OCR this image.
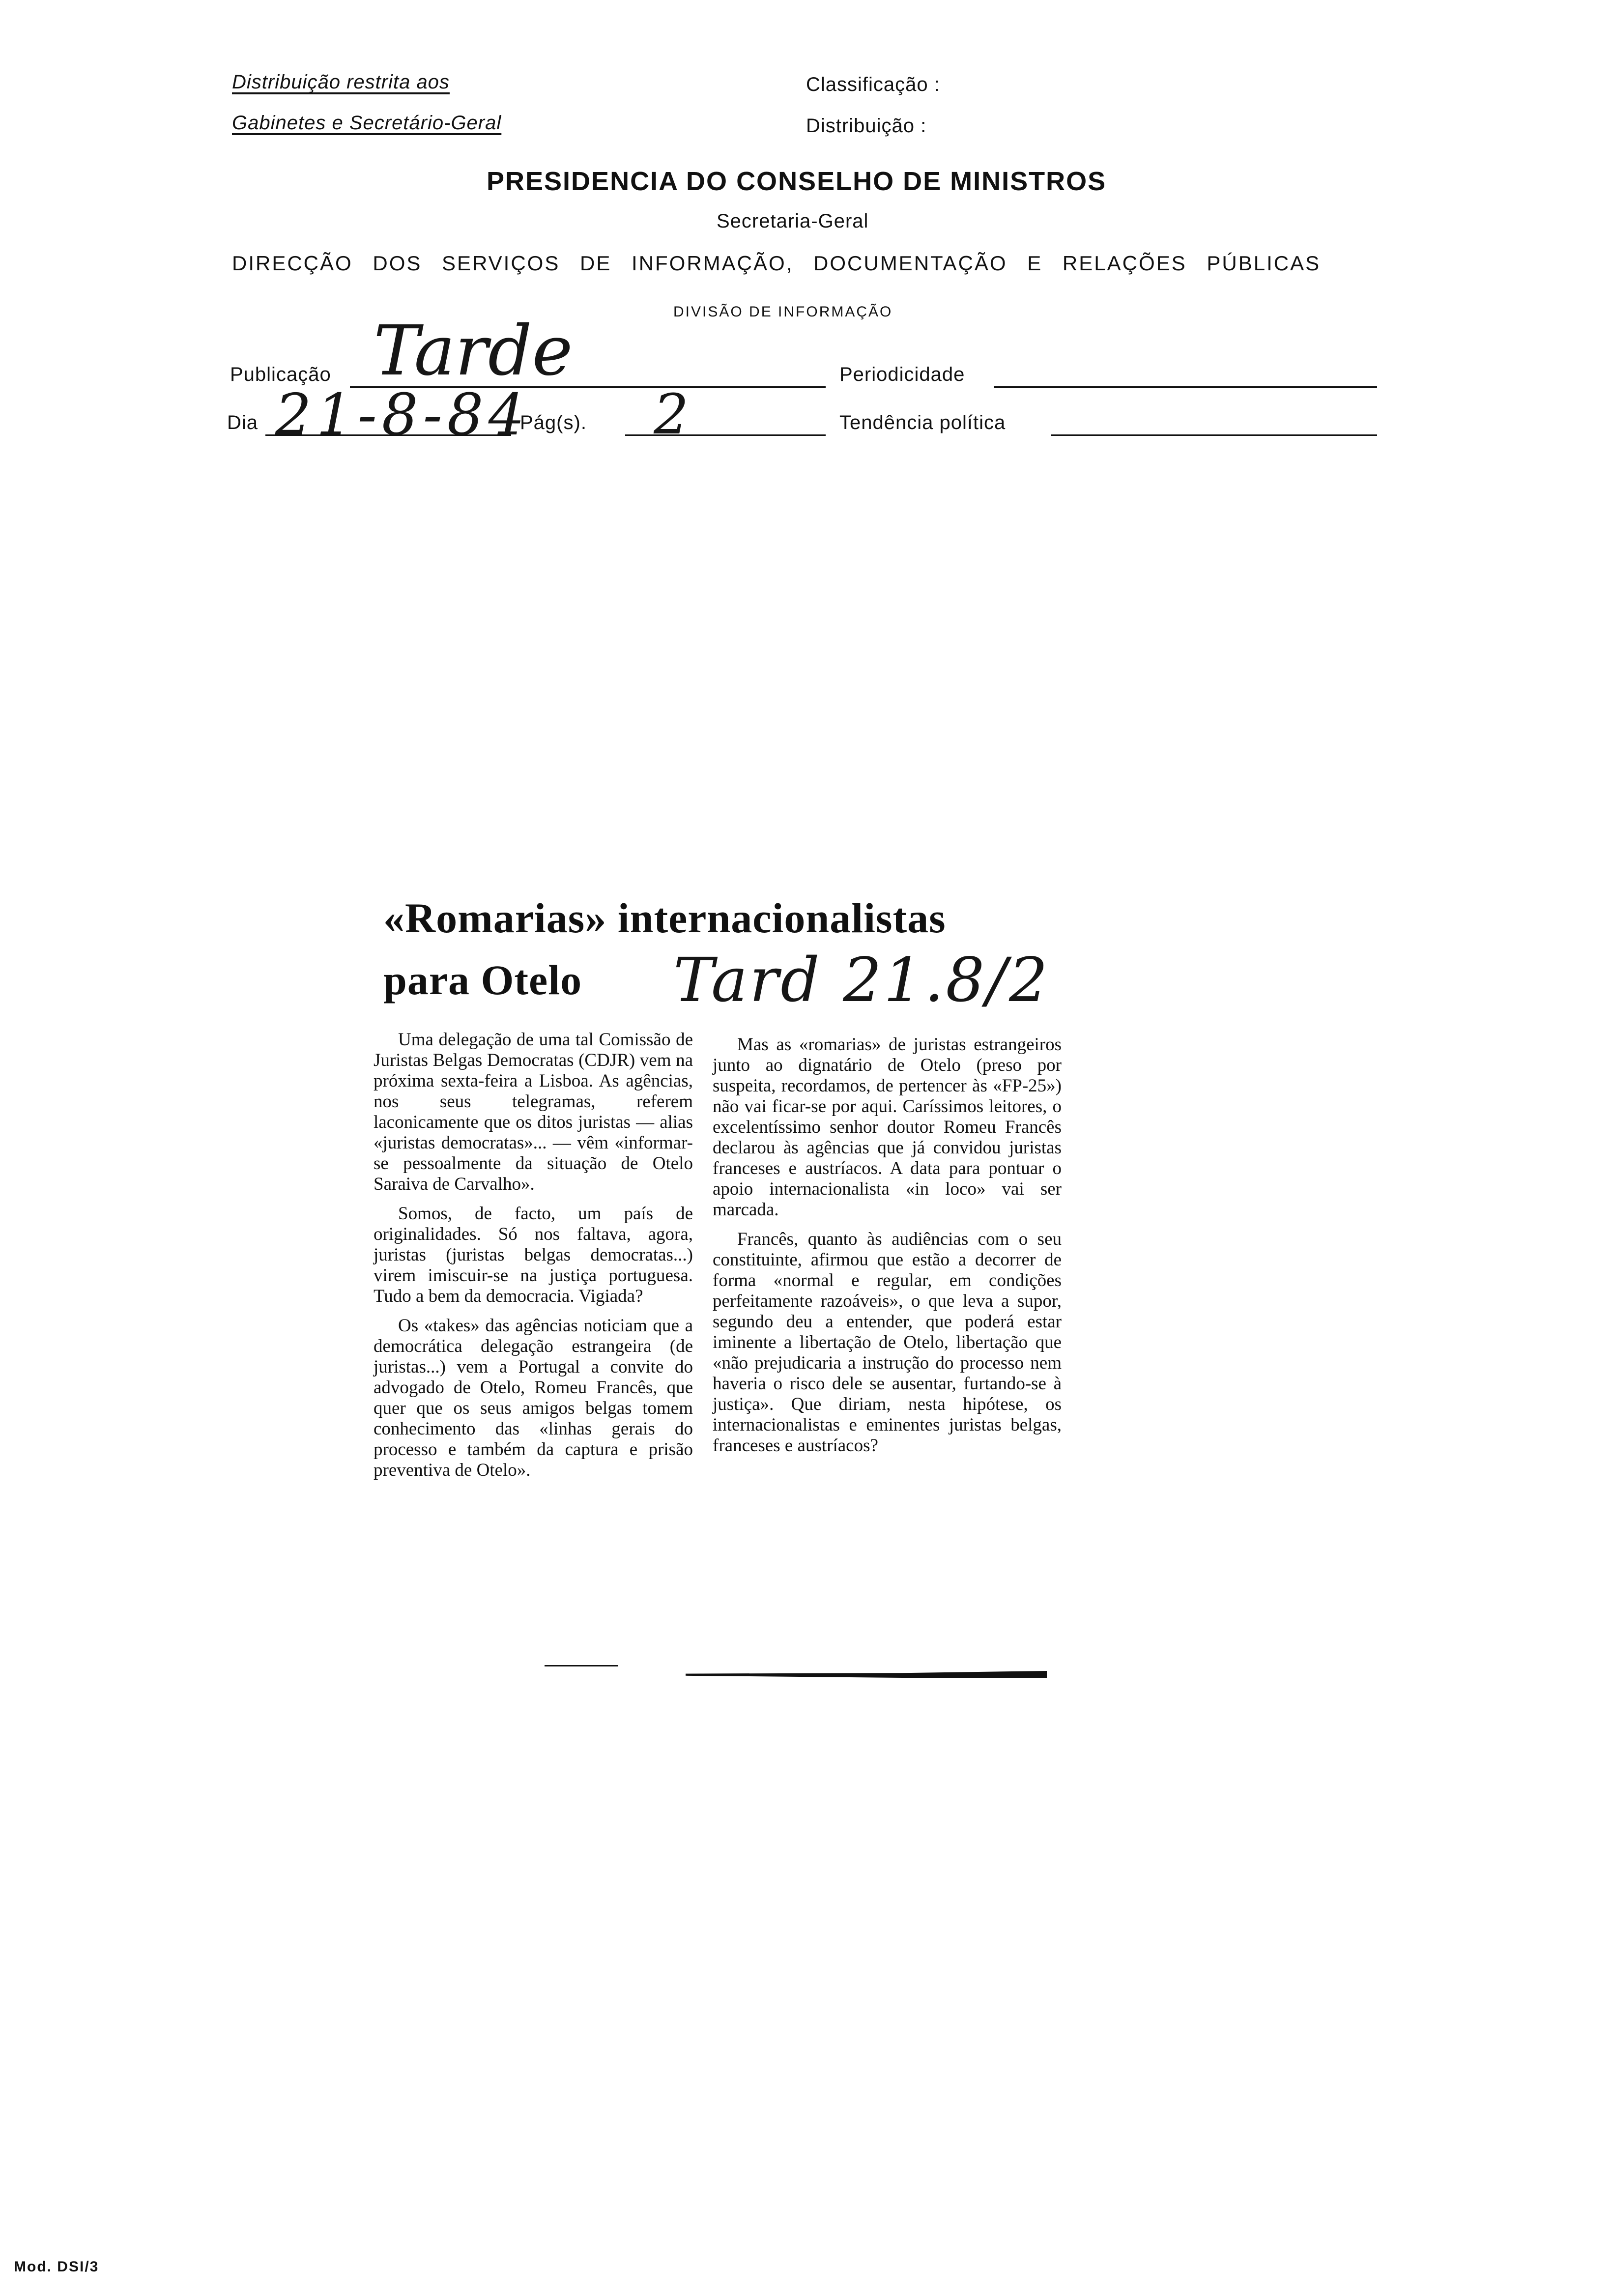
Distribuição restrita aos
Gabinetes e Secretário-Geral
Classificação :
Distribuição :
PRESIDENCIA DO CONSELHO DE MINISTROS
Secretaria-Geral
DIRECÇÃO DOS SERVIÇOS DE INFORMAÇÃO, DOCUMENTAÇÃO E RELAÇÕES PÚBLICAS
DIVISÃO DE INFORMAÇÃO
Publicação Tarde	Periodicidade
Dia 21-8-84
Pág(s). 2	Tendência política
«Romarias» internacionalistas
para Otelo Tard 21.8/2

Uma delegação de uma tal Comissão de Juristas Belgas Democratas (CDJR) vem na próxima sexta-feira a Lisboa. As agências, nos seus telegramas, referem laconicamente que os ditos juristas — alias «juristas democratas»... — vêm «informar-se pessoalmente da situação de Otelo Saraiva de Carvalho».

Somos, de facto, um país de originalidades. Só nos faltava, agora, juristas (juristas belgas democratas...) virem imiscuir-se na justiça portuguesa. Tudo a bem da democracia. Vigiada?

Os «takes» das agências noticiam que a democrática delegação estrangeira (de juristas...) vem a Portugal a convite do advogado de Otelo, Romeu Francês, que quer que os seus amigos belgas tomem conhecimento das «linhas gerais do processo e também da captura e prisão preventiva de Otelo».

Mas as «romarias» de juristas estrangeiros junto ao dignatário de Otelo (preso por suspeita, recordamos, de pertencer às «FP-25») não vai ficar-se por aqui. Caríssimos leitores, o excelentíssimo senhor doutor Romeu Francês declarou às agências que já convidou juristas franceses e austríacos. A data para pontuar o apoio internacionalista «in loco» vai ser marcada.

Francês, quanto às audiências com o seu constituinte, afirmou que estão a decorrer de forma «normal e regular, em condições perfeitamente razoáveis», o que leva a supor, segundo deu a entender, que poderá estar iminente a libertação de Otelo, libertação que «não prejudicaria a instrução do processo nem haveria o risco dele se ausentar, furtando-se à justiça». Que diriam, nesta hipótese, os internacionalistas e eminentes juristas belgas, franceses e austríacos?

Mod. DSI/3
